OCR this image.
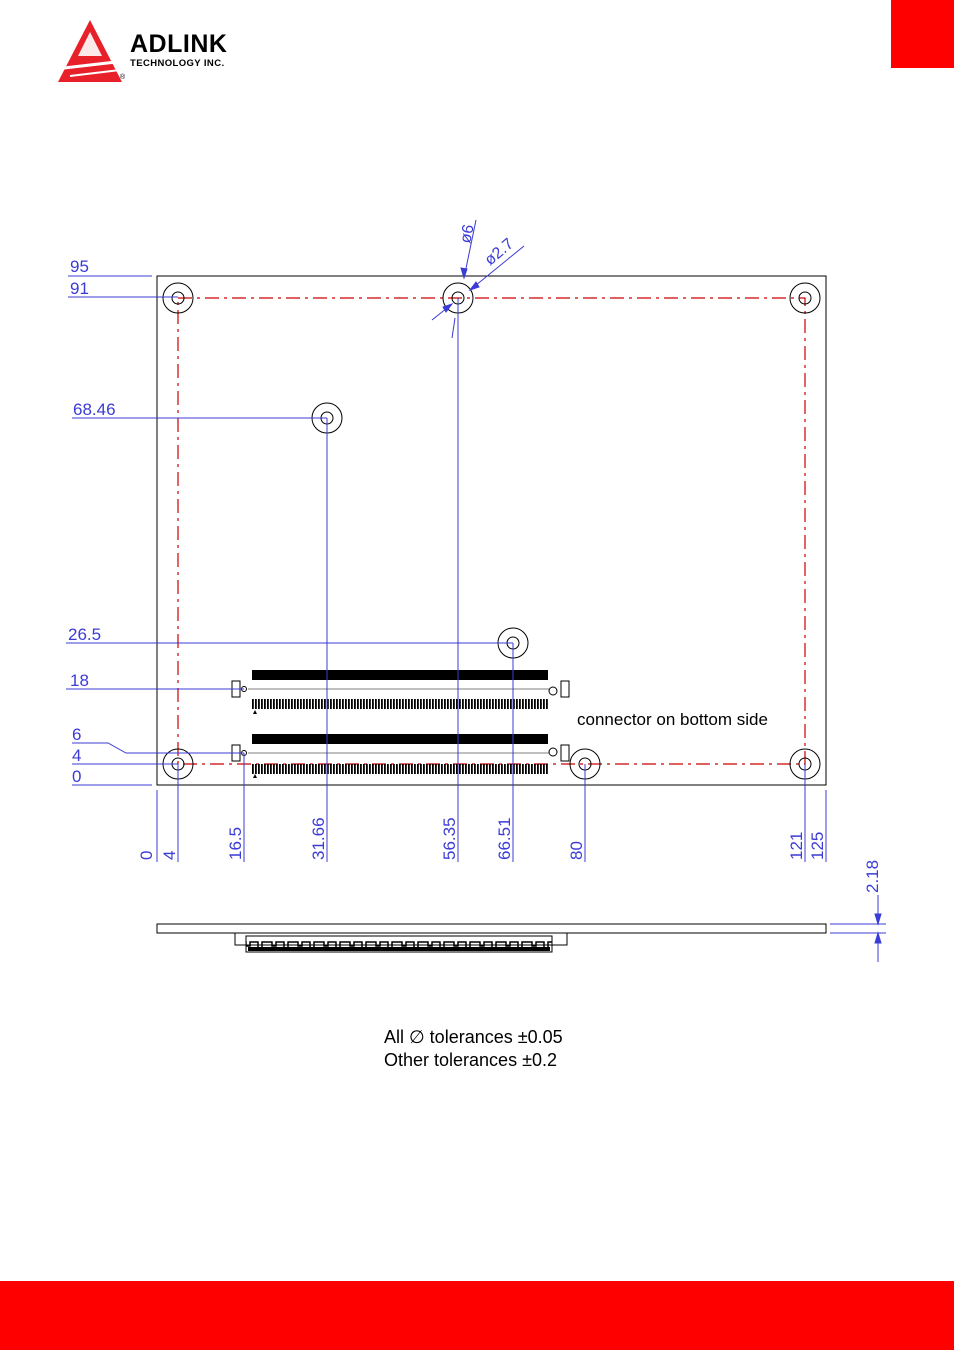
ADLINK
TECHNOLOGY INC.
®
connector on bottom side
95
91
68.46
26.5
18
6
4
0
0 4	16.5	31.66	56.35 66.51	80	121 125
ø6
ø2.7
2.18
All ∅ tolerances ±0.05
Other tolerances ±0.2
